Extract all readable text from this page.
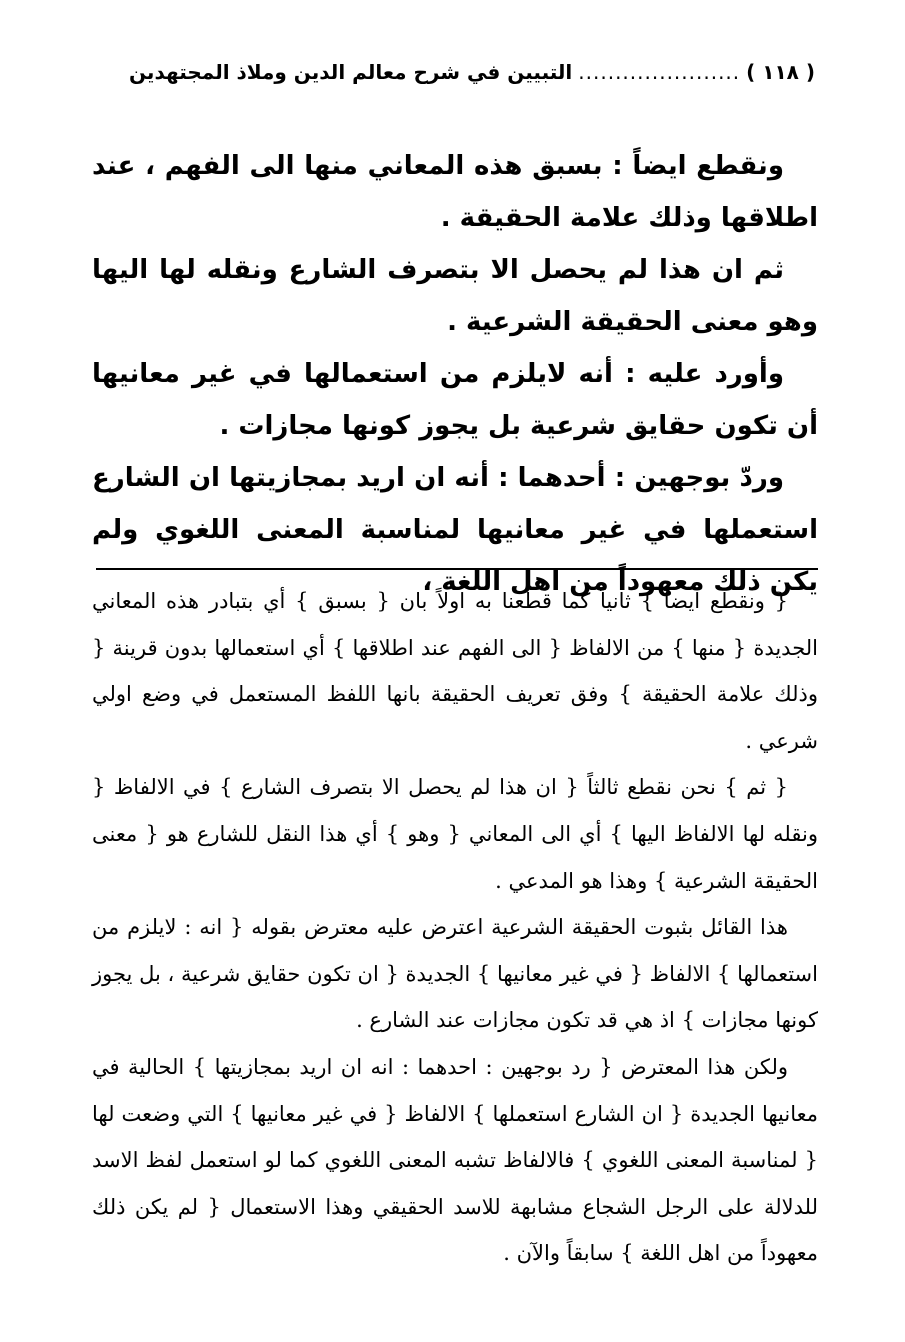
( ١١٨ )
......................
التبيين في شرح معالم الدين وملاذ المجتهدين

ونقطع ايضاً : بسبق هذه المعاني منها الى الفهم ، عند اطلاقها وذلك علامة الحقيقة .

ثم ان هذا لم يحصل الا بتصرف الشارع ونقله لها اليها وهو معنى الحقيقة الشرعية .

وأورد عليه : أنه لايلزم من استعمالها في غير معانيها أن تكون حقايق شرعية بل يجوز كونها مجازات .

وردّ بوجهين : أحدهما : أنه ان اريد بمجازيتها ان الشارع استعملها في غير معانيها لمناسبة المعنى اللغوي ولم يكن ذلك معهوداً من اهل اللغة ،

{ ونقطع ايضاً } ثانياً كما قطعنا به اولاً بان { بسبق } أي بتبادر هذه المعاني الجديدة { منها } من الالفاظ { الى الفهم عند اطلاقها } أي استعمالها بدون قرينة { وذلك علامة الحقيقة } وفق تعريف الحقيقة بانها اللفظ المستعمل في وضع اولي شرعي .

{ ثم } نحن نقطع ثالثاً { ان هذا لم يحصل الا بتصرف الشارع } في الالفاظ { ونقله لها الالفاظ اليها } أي الى المعاني { وهو } أي هذا النقل للشارع هو { معنى الحقيقة الشرعية } وهذا هو المدعي .

هذا القائل بثبوت الحقيقة الشرعية اعترض عليه معترض بقوله { انه : لايلزم من استعمالها } الالفاظ { في غير معانيها } الجديدة { ان تكون حقايق شرعية ، بل يجوز كونها مجازات } اذ هي قد تكون مجازات عند الشارع .

ولكن هذا المعترض { رد بوجهين : احدهما : انه ان اريد بمجازيتها } الحالية في معانيها الجديدة { ان الشارع استعملها } الالفاظ { في غير معانيها } التي وضعت لها { لمناسبة المعنى اللغوي } فالالفاظ تشبه المعنى اللغوي كما لو استعمل لفظ الاسد للدلالة على الرجل الشجاع مشابهة للاسد الحقيقي وهذا الاستعمال { لم يكن ذلك معهوداً من اهل اللغة } سابقاً والآن .
